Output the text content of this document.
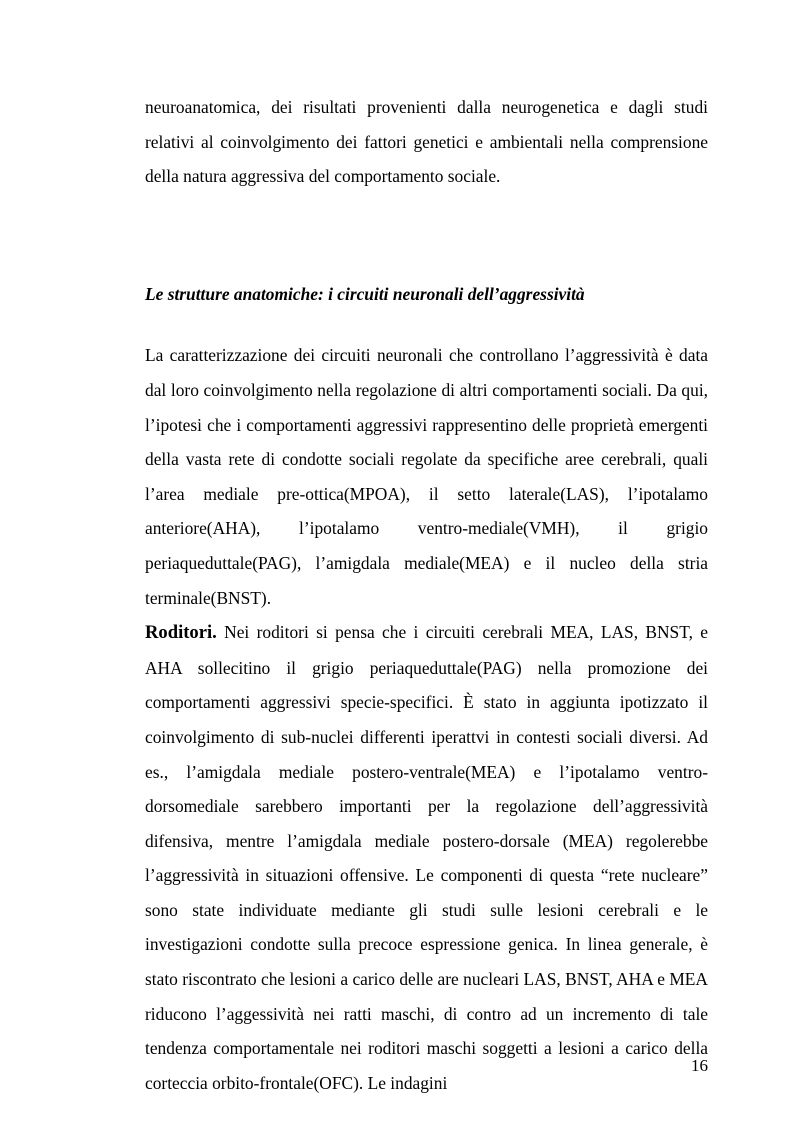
neuroanatomica, dei risultati provenienti dalla neurogenetica e dagli studi relativi al coinvolgimento dei fattori genetici e ambientali nella comprensione della natura aggressiva del comportamento sociale.

Le strutture anatomiche: i circuiti neuronali dell’aggressività

La caratterizzazione dei circuiti neuronali che controllano l’aggressività è data dal loro coinvolgimento nella regolazione di altri comportamenti sociali. Da qui, l’ipotesi che i comportamenti aggressivi rappresentino delle proprietà emergenti della vasta rete di condotte sociali regolate da specifiche aree cerebrali, quali l’area mediale pre-ottica(MPOA), il setto laterale(LAS), l’ipotalamo anteriore(AHA), l’ipotalamo ventro-mediale(VMH), il grigio periaqueduttale(PAG), l’amigdala mediale(MEA) e il nucleo della stria terminale(BNST).

Roditori. Nei roditori si pensa che i circuiti cerebrali MEA, LAS, BNST, e AHA sollecitino il grigio periaqueduttale(PAG) nella promozione dei comportamenti aggressivi specie-specifici. È stato in aggiunta ipotizzato il coinvolgimento di sub-nuclei differenti iperattvi in contesti sociali diversi. Ad es., l’amigdala mediale postero-ventrale(MEA) e l’ipotalamo ventro-dorsomediale sarebbero importanti per la regolazione dell’aggressività difensiva, mentre l’amigdala mediale postero-dorsale (MEA) regolerebbe l’aggressività in situazioni offensive. Le componenti di questa “rete nucleare” sono state individuate mediante gli studi sulle lesioni cerebrali e le investigazioni condotte sulla precoce espressione genica. In linea generale, è stato riscontrato che lesioni a carico delle are nucleari LAS, BNST, AHA e MEA riducono l’aggessività nei ratti maschi, di contro ad un incremento di tale tendenza comportamentale nei roditori maschi soggetti a lesioni a carico della corteccia orbito-frontale(OFC). Le indagini

16
